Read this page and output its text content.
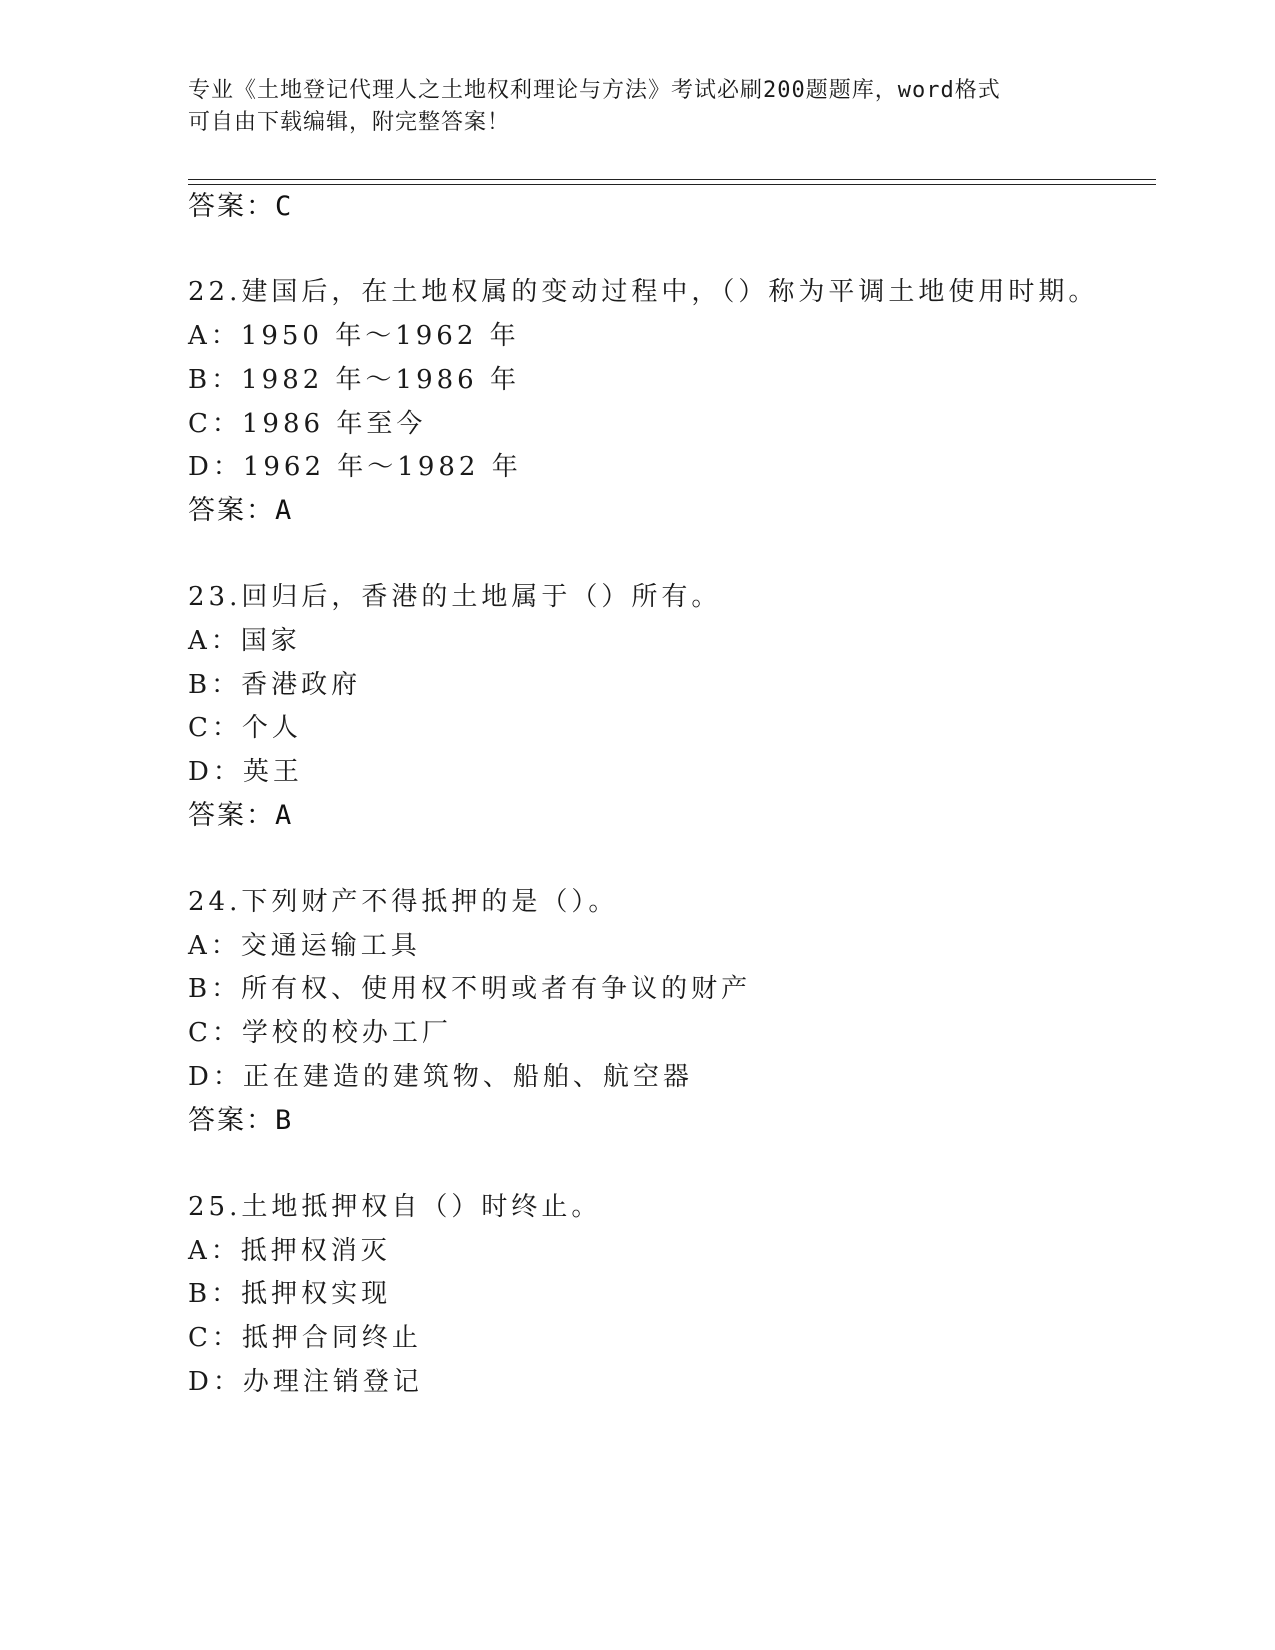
专业《土地登记代理人之土地权利理论与方法》考试必刷200题题库，word格式
可自由下载编辑，附完整答案！
答案：C
22.建国后，在土地权属的变动过程中，（）称为平调土地使用时期。
A：1950 年～1962 年
B：1982 年～1986 年
C：1986 年至今
D：1962 年～1982 年
答案：A
23.回归后，香港的土地属于（）所有。
A：国家
B：香港政府
C：个人
D：英王
答案：A
24.下列财产不得抵押的是（）。
A：交通运输工具
B：所有权、使用权不明或者有争议的财产
C：学校的校办工厂
D：正在建造的建筑物、船舶、航空器
答案：B
25.土地抵押权自（）时终止。
A：抵押权消灭
B：抵押权实现
C：抵押合同终止
D：办理注销登记
